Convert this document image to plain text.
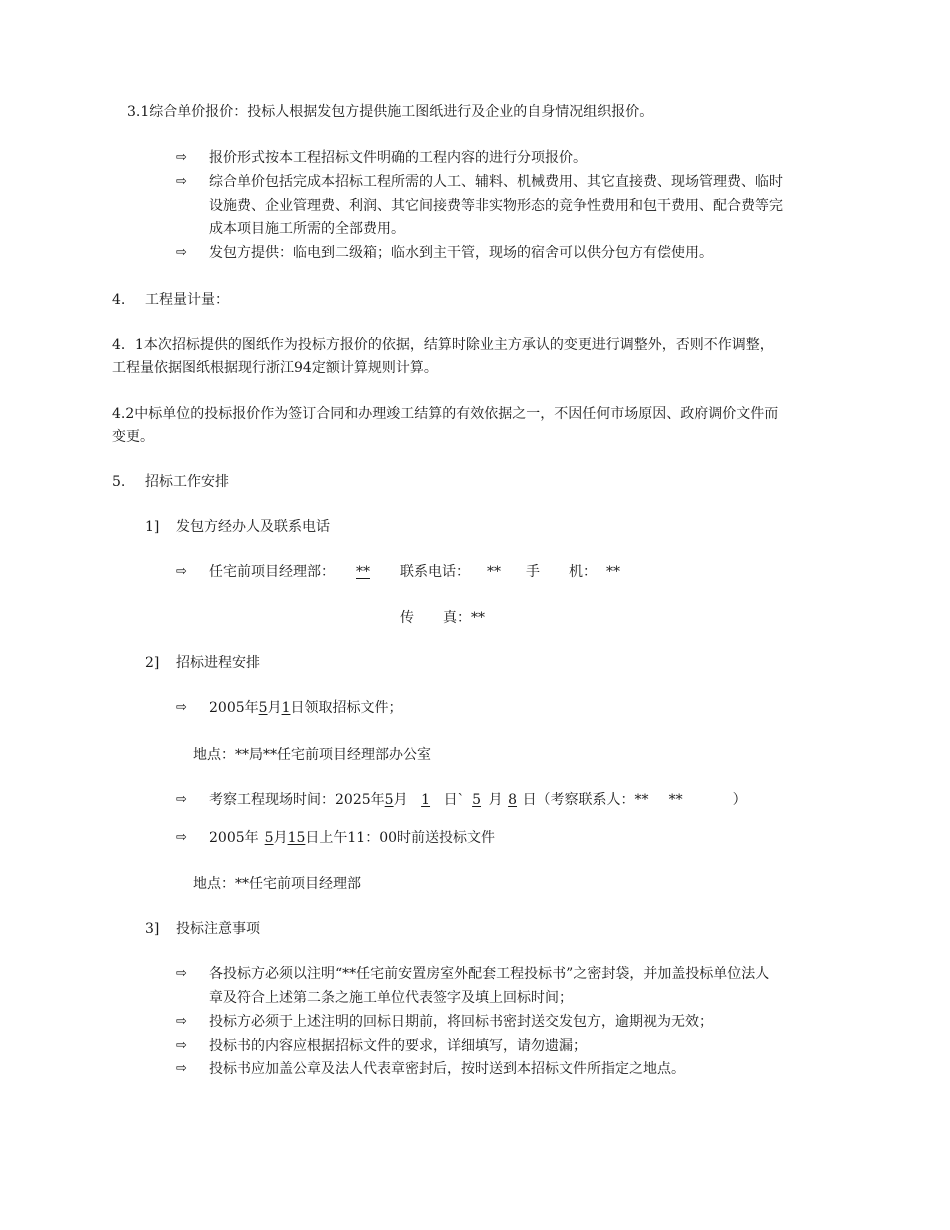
3.1综合单价报价：投标人根据发包方提供施工图纸进行及企业的自身情况组织报价。
⇨ 报价形式按本工程招标文件明确的工程内容的进行分项报价。
⇨ 综合单价包括完成本招标工程所需的人工、辅料、机械费用、其它直接费、现场管理费、临时
设施费、企业管理费、利润、其它间接费等非实物形态的竞争性费用和包干费用、配合费等完
成本项目施工所需的全部费用。
⇨ 发包方提供：临电到二级箱；临水到主干管，现场的宿舍可以供分包方有偿使用。
4. 工程量计量：
4．1本次招标提供的图纸作为投标方报价的依据，结算时除业主方承认的变更进行调整外，否则不作调整，
工程量依据图纸根据现行浙江94定额计算规则计算。
4.2中标单位的投标报价作为签订合同和办理竣工结算的有效依据之一，不因任何市场原因、政府调价文件而
变更。
5. 招标工作安排
1] 发包方经办人及联系电话
⇨ 任宅前项目经理部：	**	联系电话： ** 手 机： **
传 真：**
2] 招标进程安排
⇨ 2005年5月1日领取招标文件；
地点：**局**任宅前项目经理部办公室
⇨ 考察工程现场时间：2025年5月 1 日` 5 月 8 日（考察联系人：** **	）
⇨ 2005年 5月15日上午11：00时前送投标文件
地点：**任宅前项目经理部
3] 投标注意事项
⇨ 各投标方必须以注明“**任宅前安置房室外配套工程投标书”之密封袋，并加盖投标单位法人
章及符合上述第二条之施工单位代表签字及填上回标时间；
⇨ 投标方必须于上述注明的回标日期前，将回标书密封送交发包方，逾期视为无效；
⇨ 投标书的内容应根据招标文件的要求，详细填写，请勿遗漏；
⇨ 投标书应加盖公章及法人代表章密封后，按时送到本招标文件所指定之地点。
